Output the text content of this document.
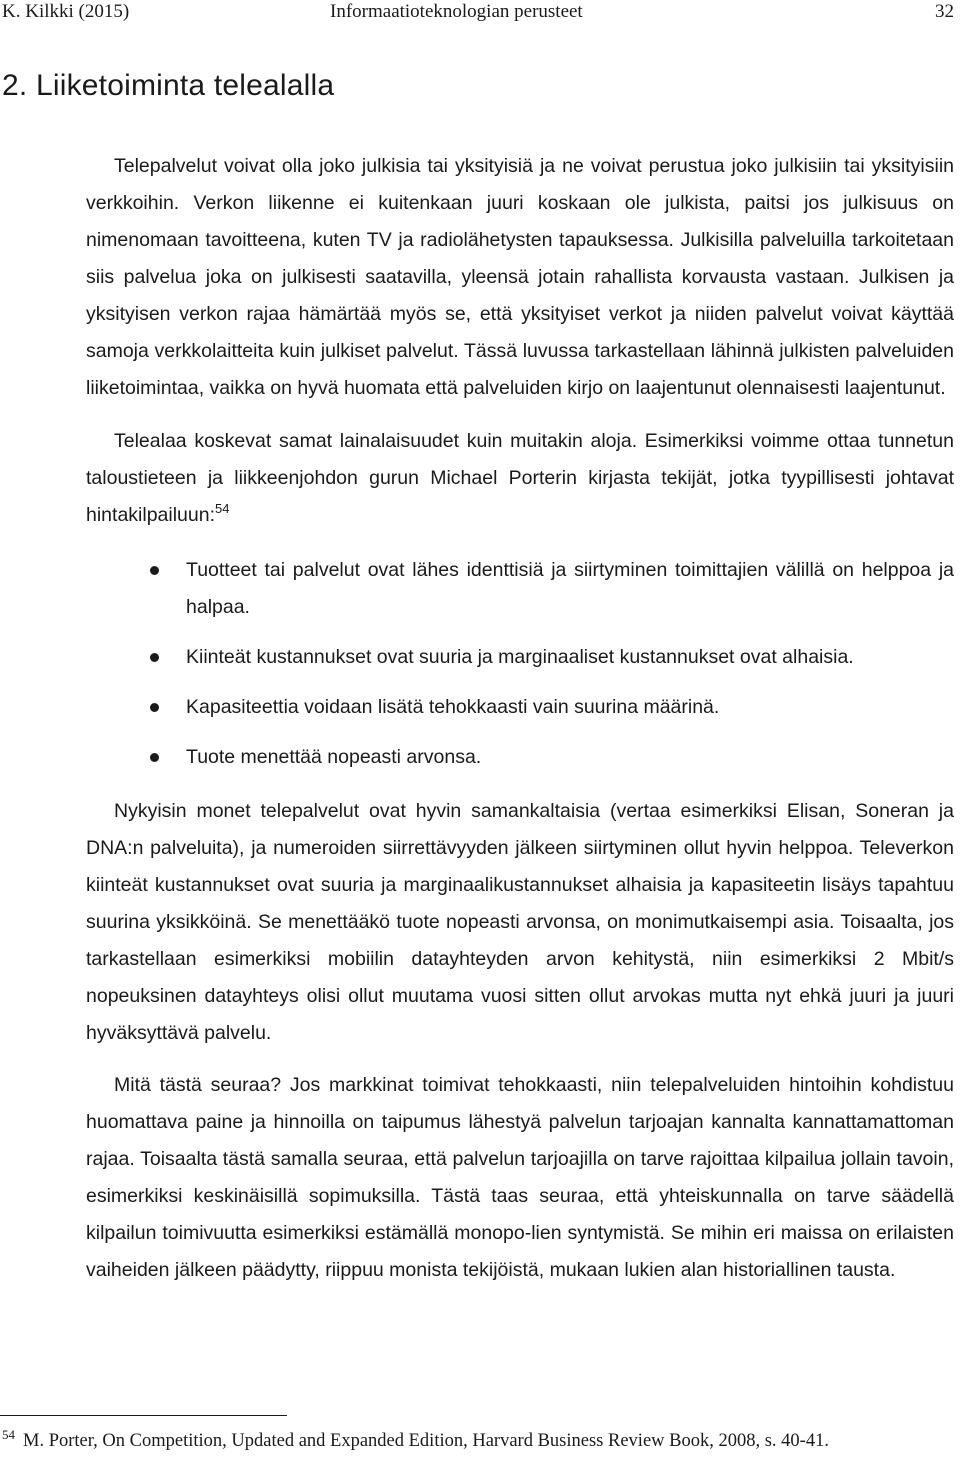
K. Kilkki (2015)	Informaatioteknologian perusteet	32
2. Liiketoiminta telealalla

Telepalvelut voivat olla joko julkisia tai yksityisiä ja ne voivat perustua joko julkisiin tai yksityisiin verkkoihin. Verkon liikenne ei kuitenkaan juuri koskaan ole julkista, paitsi jos julkisuus on nimenomaan tavoitteena, kuten TV ja radiolähetysten tapauksessa. Julkisilla palveluilla tarkoitetaan siis palvelua joka on julkisesti saatavilla, yleensä jotain rahallista korvausta vastaan. Julkisen ja yksityisen verkon rajaa hämärtää myös se, että yksityiset verkot ja niiden palvelut voivat käyttää samoja verkkolaitteita kuin julkiset palvelut. Tässä luvussa tarkastellaan lähinnä julkisten palveluiden liiketoimintaa, vaikka on hyvä huomata että palveluiden kirjo on laajentunut olennaisesti laajentunut.

Telealaa koskevat samat lainalaisuudet kuin muitakin aloja. Esimerkiksi voimme ottaa tunnetun taloustieteen ja liikkeenjohdon gurun Michael Porterin kirjasta tekijät, jotka tyypillisesti johtavat hintakilpailuun:$^{54}$

Tuotteet tai palvelut ovat lähes identtisiä ja siirtyminen toimittajien välillä on helppoa ja halpaa.
Kiinteät kustannukset ovat suuria ja marginaaliset kustannukset ovat alhaisia.
Kapasiteettia voidaan lisätä tehokkaasti vain suurina määrinä.
Tuote menettää nopeasti arvonsa.

Nykyisin monet telepalvelut ovat hyvin samankaltaisia (vertaa esimerkiksi Elisan, Soneran ja DNA:n palveluita), ja numeroiden siirrettävyyden jälkeen siirtyminen ollut hyvin helppoa. Televerkon kiinteät kustannukset ovat suuria ja marginaalikustannukset alhaisia ja kapasiteetin lisäys tapahtuu suurina yksikköinä. Se menettääkö tuote nopeasti arvonsa, on monimutkaisempi asia. Toisaalta, jos tarkastellaan esimerkiksi mobiilin datayhteyden arvon kehitystä, niin esimerkiksi 2 Mbit/s nopeuksinen datayhteys olisi ollut muutama vuosi sitten ollut arvokas mutta nyt ehkä juuri ja juuri hyväksyttävä palvelu.

Mitä tästä seuraa? Jos markkinat toimivat tehokkaasti, niin telepalveluiden hintoihin kohdistuu huomattava paine ja hinnoilla on taipumus lähestyä palvelun tarjoajan kannalta kannattamattoman rajaa. Toisaalta tästä samalla seuraa, että palvelun tarjoajilla on tarve rajoittaa kilpailua jollain tavoin, esimerkiksi keskinäisillä sopimuksilla. Tästä taas seuraa, että yhteiskunnalla on tarve säädellä kilpailun toimivuutta esimerkiksi estämällä monopo-lien syntymistä. Se mihin eri maissa on erilaisten vaiheiden jälkeen päädytty, riippuu monista tekijöistä, mukaan lukien alan historiallinen tausta.

$^{54}$ M. Porter, On Competition, Updated and Expanded Edition, Harvard Business Review Book, 2008, s. 40-41.
